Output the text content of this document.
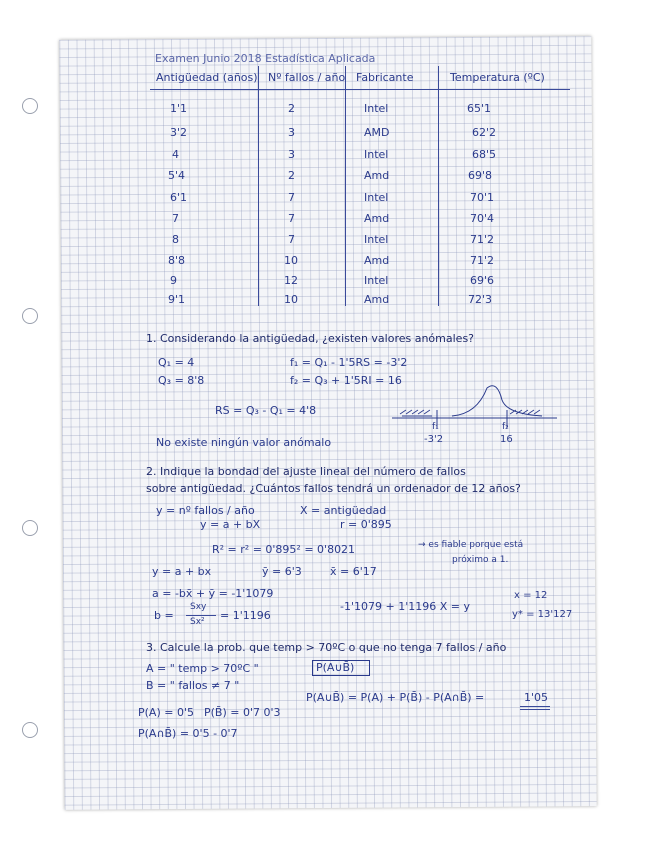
Examen Junio 2018 Estadística Aplicada
Antigüedad (años) Nº fallos / año Fabricante	Temperatura (ºC)
1'1	2	Intel	65'1
3'2	3	AMD	62'2
4	3	Intel	68'5
5'4	2	Amd	69'8
6'1	7	Intel	70'1
7	7	Amd	70'4
8	7	Intel	71'2
8'8	10	Amd	71'2
9	12	Intel	69'6
9'1	10	Amd	72'3
1. Considerando la antigüedad, ¿existen valores anómales?
Q₁ = 4	f₁ = Q₁ - 1'5RS = -3'2
Q₃ = 8'8	f₂ = Q₃ + 1'5RI = 16
RS = Q₃ - Q₁ = 4'8
No existe ningún valor anómalo
f₁	f₂
-3'2	16
2. Indique la bondad del ajuste lineal del número de fallos
sobre antigüedad. ¿Cuántos fallos tendrá un ordenador de 12 años?
y = nº fallos / año	X = antigüedad
y = a + bX	r = 0'895
R² = r² = 0'895² = 0'8021	→ es fiable porque está
próximo a 1.
y = a + bx	ȳ = 6'3	x̄ = 6'17
a = -bx̄ + ȳ = -1'1079
b =
Sxy
Sx² = 1'1196
-1'1079 + 1'1196 X = y
x = 12
y* = 13'127
3. Calcule la prob. que temp > 70ºC o que no tenga 7 fallos / año
A = " temp > 70ºC "
B = " fallos ≠ 7 "
P(A∪B̄)
P(A∪B̄) = P(A) + P(B̄) - P(A∩B̄) =	1'05
P(A) = 0'5 P(B̄) = 0'7 0'3
P(A∩B̄) = 0'5 - 0'7
